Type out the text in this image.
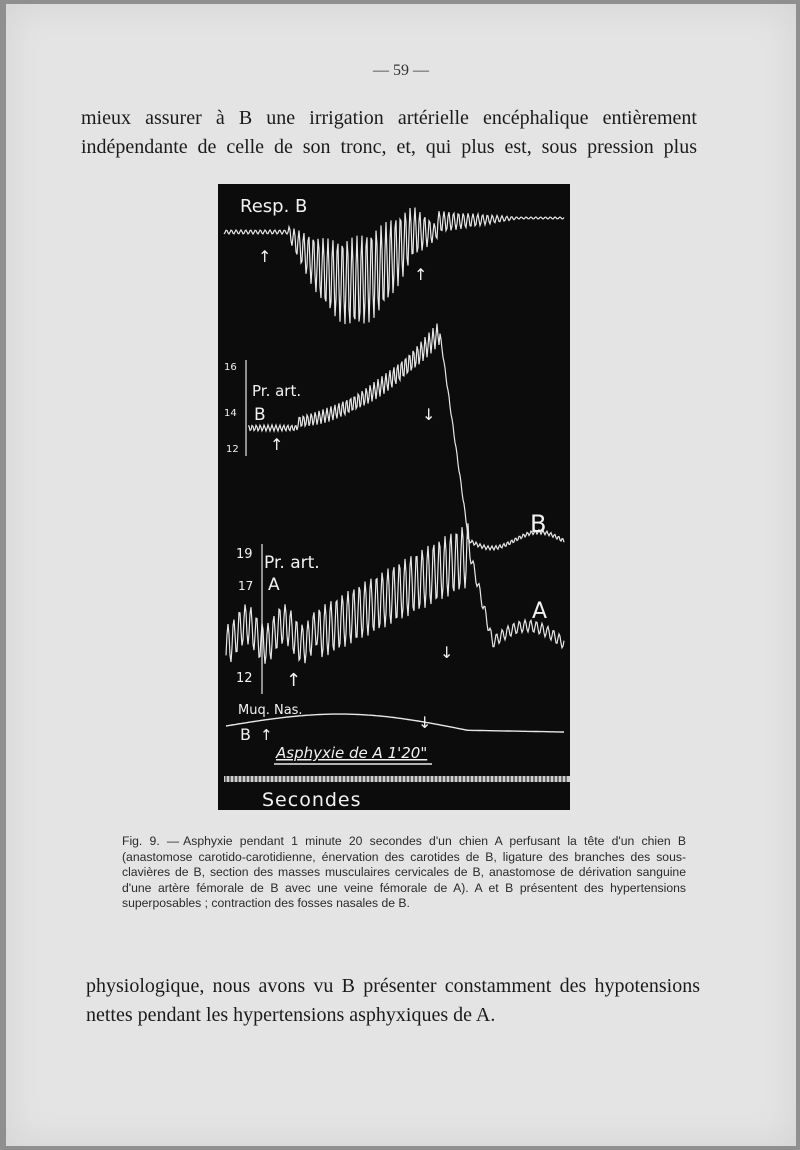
— 59 —
mieux assurer à B une irrigation artérielle encéphalique entièrement indépendante de celle de son tronc, et, qui plus est, sous pression plus
Resp. B
Pr. art.
B
16
14
12
Pr. art.
A
19
17
12
B
A
Muq. Nas.
B
Asphyxie de A 1'20"
Secondes
↑
↑
↑
↓
↑
↓
↑
↓
Fig. 9. — Asphyxie pendant 1 minute 20 secondes d'un chien A perfusant la tête d'un chien B (anastomose carotido-carotidienne, énervation des carotides de B, ligature des branches des sous-clavières de B, section des masses musculaires cervicales de B, anastomose de dérivation sanguine d'une artère fémorale de B avec une veine fémorale de A). A et B présentent des hypertensions superposables ; contraction des fosses nasales de B.
physiologique, nous avons vu B présenter constamment des hypotensions
nettes pendant les hypertensions asphyxiques de A.
